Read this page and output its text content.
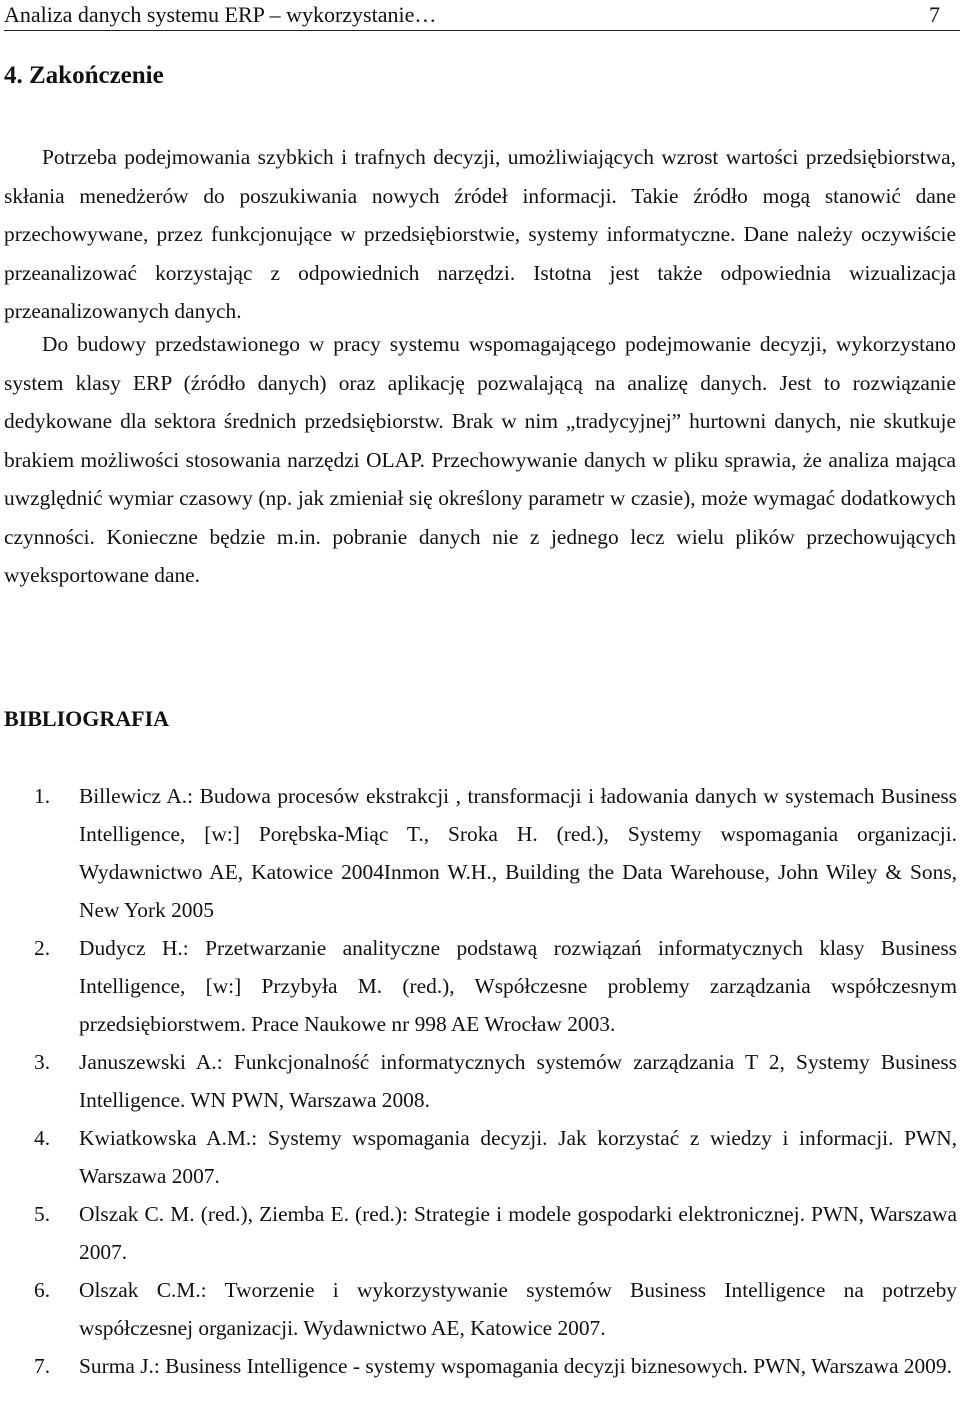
Analiza danych systemu ERP – wykorzystanie…	7
4. Zakończenie

Potrzeba podejmowania szybkich i trafnych decyzji, umożliwiających wzrost wartości przedsiębiorstwa, skłania menedżerów do poszukiwania nowych źródeł informacji. Takie źródło mogą stanowić dane przechowywane, przez funkcjonujące w przedsiębiorstwie, systemy informatyczne. Dane należy oczywiście przeanalizować korzystając z odpowiednich narzędzi. Istotna jest także odpowiednia wizualizacja przeanalizowanych danych.

Do budowy przedstawionego w pracy systemu wspomagającego podejmowanie decyzji, wykorzystano system klasy ERP (źródło danych) oraz aplikację pozwalającą na analizę danych. Jest to rozwiązanie dedykowane dla sektora średnich przedsiębiorstw. Brak w nim „tradycyjnej” hurtowni danych, nie skutkuje brakiem możliwości stosowania narzędzi OLAP. Przechowywanie danych w pliku sprawia, że analiza mająca uwzględnić wymiar czasowy (np. jak zmieniał się określony parametr w czasie), może wymagać dodatkowych czynności. Konieczne będzie m.in. pobranie danych nie z jednego lecz wielu plików przechowujących wyeksportowane dane.

BIBLIOGRAFIA
1. Billewicz A.: Budowa procesów ekstrakcji , transformacji i ładowania danych w systemach Business Intelligence, [w:] Porębska-Miąc T., Sroka H. (red.), Systemy wspomagania organizacji. Wydawnictwo AE, Katowice 2004Inmon W.H., Building the Data Warehouse, John Wiley & Sons, New York 2005
2. Dudycz H.: Przetwarzanie analityczne podstawą rozwiązań informatycznych klasy Business Intelligence, [w:] Przybyła M. (red.), Współczesne problemy zarządzania współczesnym przedsiębiorstwem. Prace Naukowe nr 998 AE Wrocław 2003.
3. Januszewski A.: Funkcjonalność informatycznych systemów zarządzania T 2, Systemy Business Intelligence. WN PWN, Warszawa 2008.
4. Kwiatkowska A.M.: Systemy wspomagania decyzji. Jak korzystać z wiedzy i informacji. PWN, Warszawa 2007.
5. Olszak C. M. (red.), Ziemba E. (red.): Strategie i modele gospodarki elektronicznej. PWN, Warszawa 2007.
6. Olszak C.M.: Tworzenie i wykorzystywanie systemów Business Intelligence na potrzeby współczesnej organizacji. Wydawnictwo AE, Katowice 2007.
7. Surma J.: Business Intelligence - systemy wspomagania decyzji biznesowych. PWN, Warszawa 2009.
